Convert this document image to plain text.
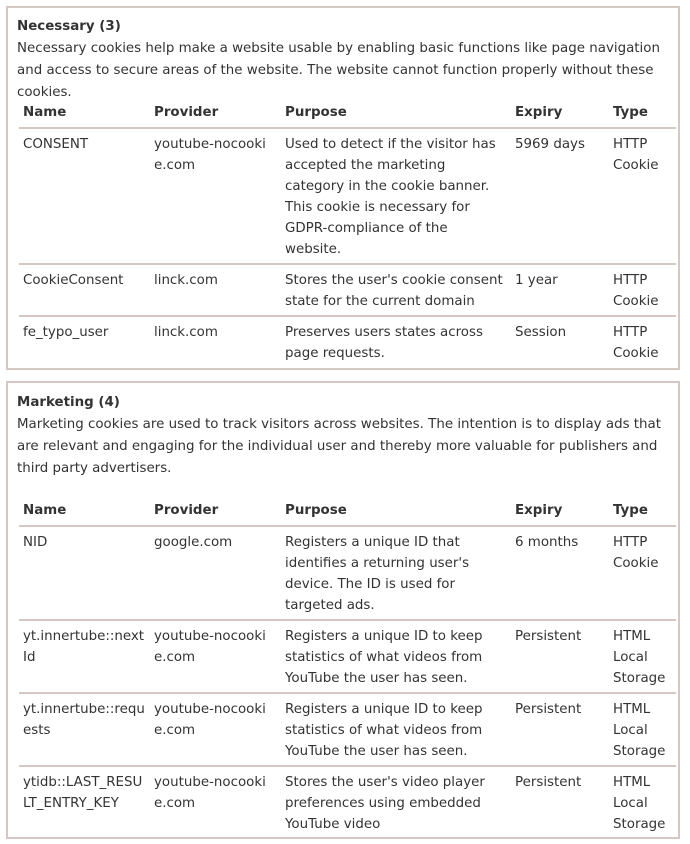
Necessary (3)
Necessary cookies help make a website usable by enabling basic functions like page navigation and access to secure areas of the website. The website cannot function properly without these cookies.
Name	Provider	Purpose	Expiry	Type
CONSENT	youtube-nocookie.com	Used to detect if the visitor has accepted the marketing category in the cookie banner. This cookie is necessary for GDPR-compliance of the website.	5969 days	HTTP Cookie
CookieConsent	linck.com	Stores the user's cookie consent state for the current domain	1 year	HTTP Cookie
fe_typo_user	linck.com	Preserves users states across page requests.	Session	HTTP Cookie
Marketing (4)
Marketing cookies are used to track visitors across websites. The intention is to display ads that are relevant and engaging for the individual user and thereby more valuable for publishers and third party advertisers.
Name	Provider	Purpose	Expiry	Type
NID	google.com	Registers a unique ID that identifies a returning user's device. The ID is used for targeted ads.	6 months	HTTP Cookie
yt.innertube::nextId	youtube-nocookie.com	Registers a unique ID to keep statistics of what videos from YouTube the user has seen.	Persistent	HTML Local Storage
yt.innertube::requests	youtube-nocookie.com	Registers a unique ID to keep statistics of what videos from YouTube the user has seen.	Persistent	HTML Local Storage
ytidb::LAST_RESULT_ENTRY_KEY	youtube-nocookie.com	Stores the user's video player preferences using embedded YouTube video	Persistent	HTML Local Storage
